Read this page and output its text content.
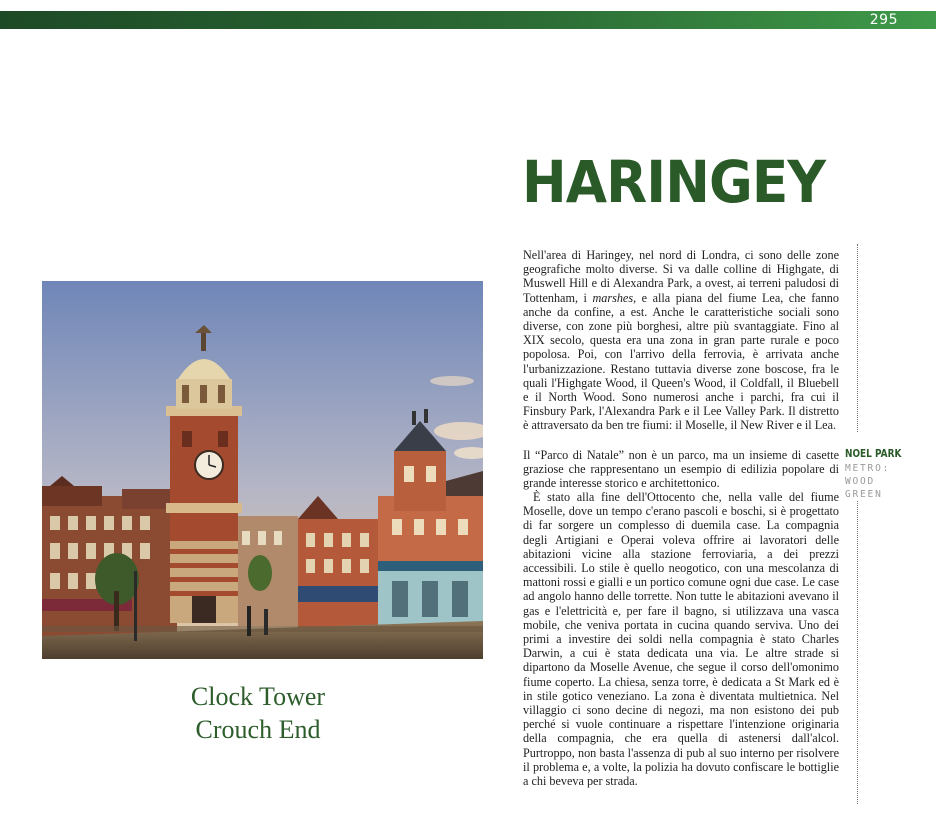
295
Clock Tower
Crouch End
HARINGEY

Nell'area di Haringey, nel nord di Londra, ci sono delle zone geografiche molto diverse. Si va dalle colline di Highgate, di Muswell Hill e di Alexandra Park, a ovest, ai terreni paludosi di Tottenham, i marshes, e alla piana del fiume Lea, che fanno anche da confine, a est. Anche le caratteristiche sociali sono diverse, con zone più borghesi, altre più svantaggiate. Fino al XIX secolo, questa era una zona in gran parte rurale e poco popolosa. Poi, con l'arrivo della ferrovia, è arrivata anche l'urbanizzazione. Restano tuttavia diverse zone boscose, fra le quali l'Highgate Wood, il Queen's Wood, il Coldfall, il Bluebell e il North Wood. Sono numerosi anche i parchi, fra cui il Finsbury Park, l'Alexandra Park e il Lee Valley Park. Il distretto è attraversato da ben tre fiumi: il Moselle, il New River e il Lea.

Il “Parco di Natale” non è un parco, ma un insieme di casette graziose che rappresentano un esempio di edilizia popolare di grande interesse storico e architettonico.

È stato alla fine dell'Ottocento che, nella valle del fiume Moselle, dove un tempo c'erano pascoli e boschi, si è progettato di far sorgere un complesso di duemila case. La compagnia degli Artigiani e Operai voleva offrire ai lavoratori delle abitazioni vicine alla stazione ferroviaria, a dei prezzi accessibili. Lo stile è quello neogotico, con una mescolanza di mattoni rossi e gialli e un portico comune ogni due case. Le case ad angolo hanno delle torrette. Non tutte le abitazioni avevano il gas e l'elettricità e, per fare il bagno, si utilizzava una vasca mobile, che veniva portata in cucina quando serviva. Uno dei primi a investire dei soldi nella compagnia è stato Charles Darwin, a cui è stata dedicata una via. Le altre strade si dipartono da Moselle Avenue, che segue il corso dell'omonimo fiume coperto. La chiesa, senza torre, è dedicata a St Mark ed è in stile gotico veneziano. La zona è diventata multietnica. Nel villaggio ci sono decine di negozi, ma non esistono dei pub perché si vuole continuare a rispettare l'intenzione originaria della compagnia, che era quella di astenersi dall'alcol. Purtroppo, non basta l'assenza di pub al suo interno per risolvere il problema e, a volte, la polizia ha dovuto confiscare le bottiglie a chi beveva per strada.

NOEL PARK
METRO:
WOOD
GREEN
